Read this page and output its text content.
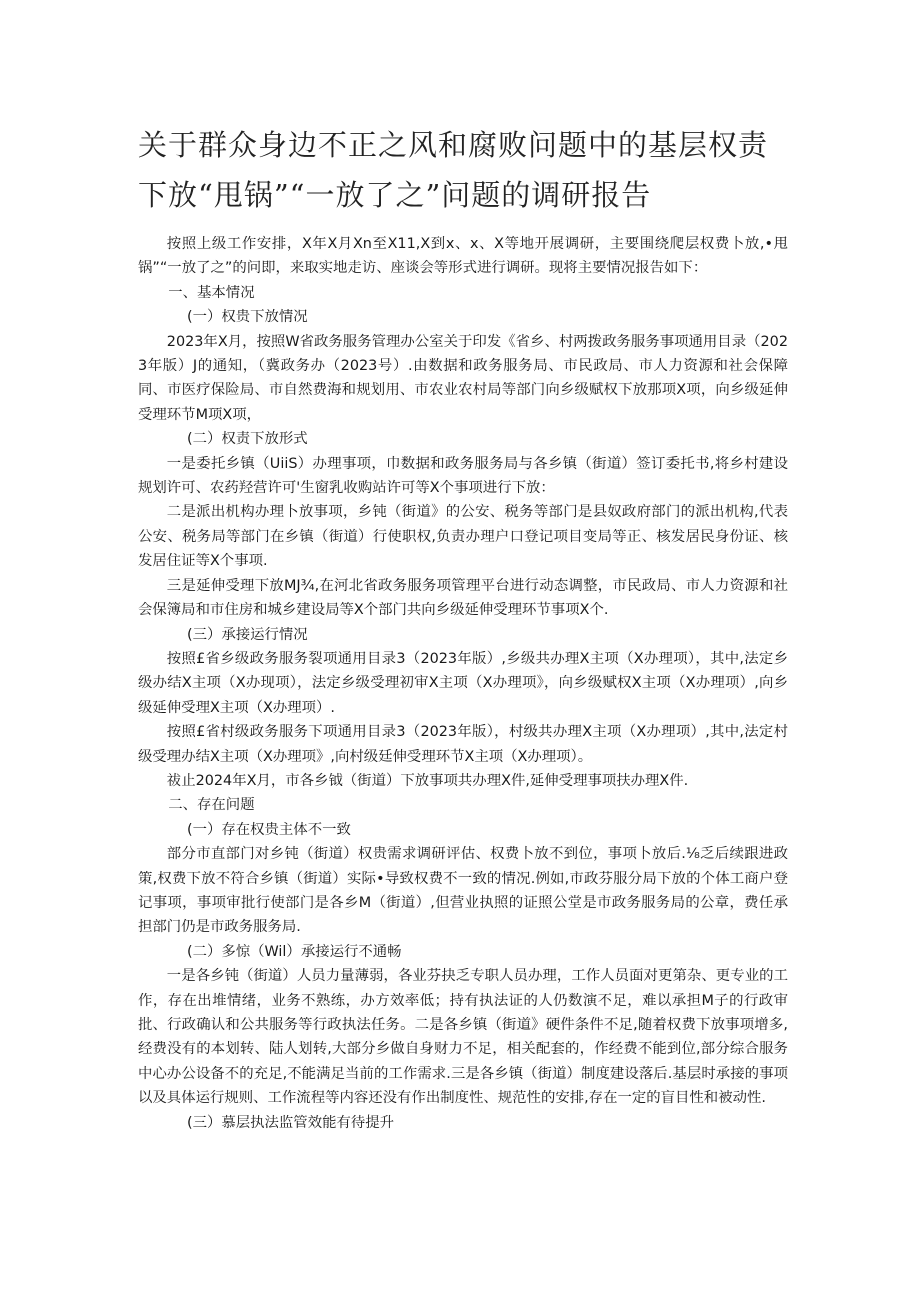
关于群众身边不正之风和腐败问题中的基层权责下放“甩锅”“一放了之”问题的调研报告

按照上级工作安排，X年X月Xn至X11,X到x、x、X等地开展调研，主要围绕爬层权费卜放,•甩锅”“一放了之”的问即，来取实地走访、座谈会等形式进行调研。现将主要情况报告如下：

一、基本情况

(一）权贵下放情况

2023年X月，按照W省政务服务管理办公室关于印发《省乡、村两拨政务服务事项通用目录（2023年版）J的通知，（冀政务办（2023号）.由数据和政务服务局、市民政局、市人力资源和社会保障同、市医疗保险局、市自然费海和规划用、市农业农村局等部门向乡级赋权下放那项X项，向乡级延伸受理环节M项X项，

(二）权责下放形式

一是委托乡镇（UiiS）办理事项，巾数据和政务服务局与各乡镇（街道）签订委托书,将乡村建设规划许可、农药羟营许可'生窗乳收购站许可等X个事项进行下放：

二是派出机构办理卜放事项，乡钝（街道》的公安、税务等部门是县奴政府部门的派出机构,代表公安、税务局等部门在乡镇（街道）行使职权,负责办理户口登记项目变局等正、核发居民身份证、核发居住证等X个事项.

三是延伸受理下放MJ¾,在河北省政务服务项管理平台进行动态调整，市民政局、市人力资源和社会保簿局和市住房和城乡建设局等X个部门共向乡级延伸受理环节事项X个.

(三）承接运行情况

按照£省乡级政务服务裂项通用目录3（2023年版）,乡级共办理X主项（X办理项），其中,法定乡级办结X主项（X办现项），法定乡级受理初审X主项（X办理项》，向乡级赋权X主项（X办理项）,向乡级延伸受理X主项（X办理项）.

按照£省村级政务服务下项通用目录3（2023年版），村级共办理X主项（X办理项）,其中,法定村级受理办结X主项（X办理项》,向村级廷伸受理环节X主项（X办理项）。

祓止2024年X月，市各乡钺（街道）下放事项共办理X件,延伸受理事项扶办理X件.

二、存在问题

(一）存在权贵主体不一致

部分市直部门对乡钝（街道）权贵需求调研评估、权费卜放不到位，事项卜放后.⅛乏后续跟进政策,权费下放不符合乡镇（街道）实际•导致权费不一致的情况.例如,市政芬服分局下放的个体工商户登记事项，事项审批行使部门是各乡M（街道）,但营业执照的证照公堂是市政务服务局的公章，费任承担部门仍是市政务服务局.

(二）多惊（Wil）承接运行不通畅

一是各乡钝（街道）人员力量薄弱，各业芬抉乏专职人员办理，工作人员面对更第杂、更专业的工作，存在出堆情绪，业务不熟练，办方效率低；持有执法证的人仍数演不足，难以承担M子的行政审批、行政确认和公共服务等行政执法任务。二是各乡镇（街道》硬件条件不足,随着权费下放事项增多,经费没有的本划转、陆人划转,大部分乡做自身财力不足，相关配套的，作经费不能到位,部分综合服务中心办公设备不的充足,不能满足当前的工作需求.三是各乡镇（街道）制度建设落后.基层时承接的事项以及具体运行规则、工作流程等内容还没有作出制度性、规范性的安排,存在一定的盲目性和被动性.

(三）慕层执法监管效能有待提升
